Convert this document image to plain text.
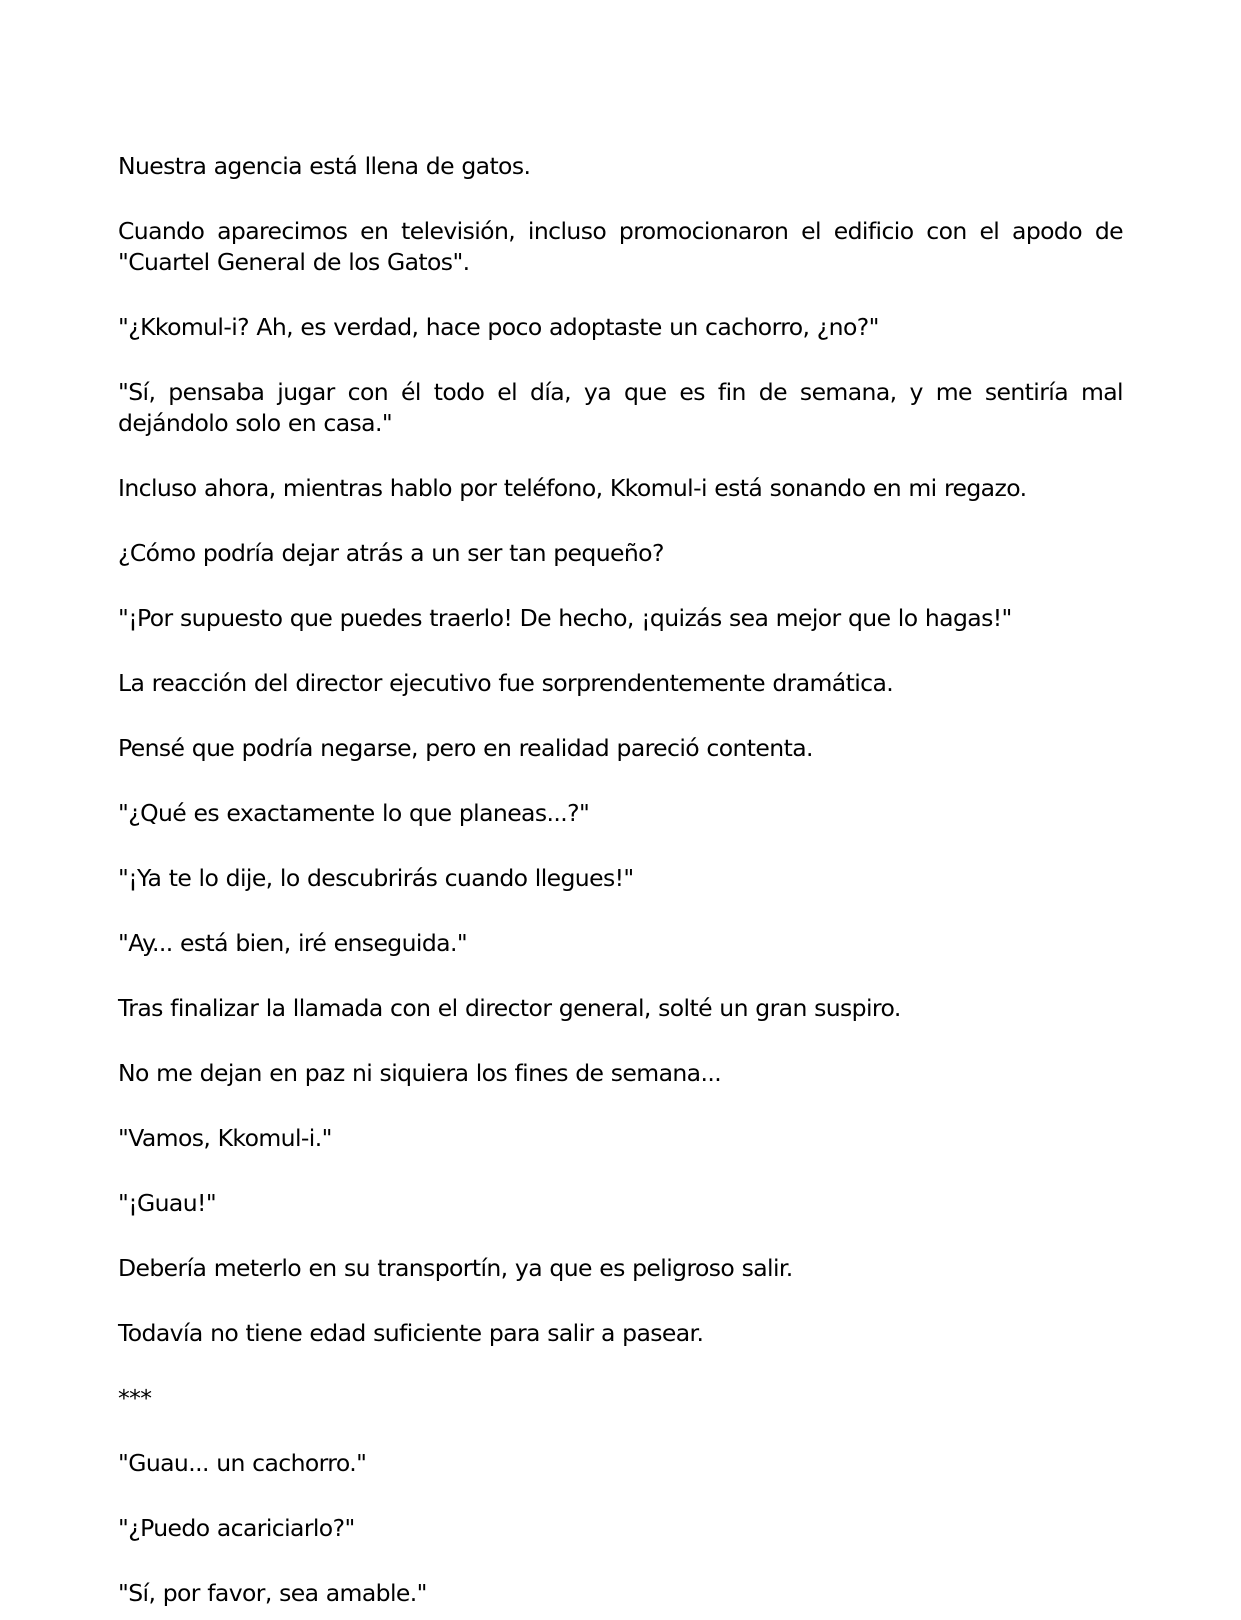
Nuestra agencia está llena de gatos.

Cuando aparecimos en televisión, incluso promocionaron el edificio con el apodo de "Cuartel General de los Gatos".

"¿Kkomul-i? Ah, es verdad, hace poco adoptaste un cachorro, ¿no?"

"Sí, pensaba jugar con él todo el día, ya que es fin de semana, y me sentiría mal dejándolo solo en casa."

Incluso ahora, mientras hablo por teléfono, Kkomul-i está sonando en mi regazo.

¿Cómo podría dejar atrás a un ser tan pequeño?

"¡Por supuesto que puedes traerlo! De hecho, ¡quizás sea mejor que lo hagas!"

La reacción del director ejecutivo fue sorprendentemente dramática.

Pensé que podría negarse, pero en realidad pareció contenta.

"¿Qué es exactamente lo que planeas...?"

"¡Ya te lo dije, lo descubrirás cuando llegues!"

"Ay... está bien, iré enseguida."

Tras finalizar la llamada con el director general, solté un gran suspiro.

No me dejan en paz ni siquiera los fines de semana...

"Vamos, Kkomul-i."

"¡Guau!"

Debería meterlo en su transportín, ya que es peligroso salir.

Todavía no tiene edad suficiente para salir a pasear.

***

"Guau... un cachorro."

"¿Puedo acariciarlo?"

"Sí, por favor, sea amable."
